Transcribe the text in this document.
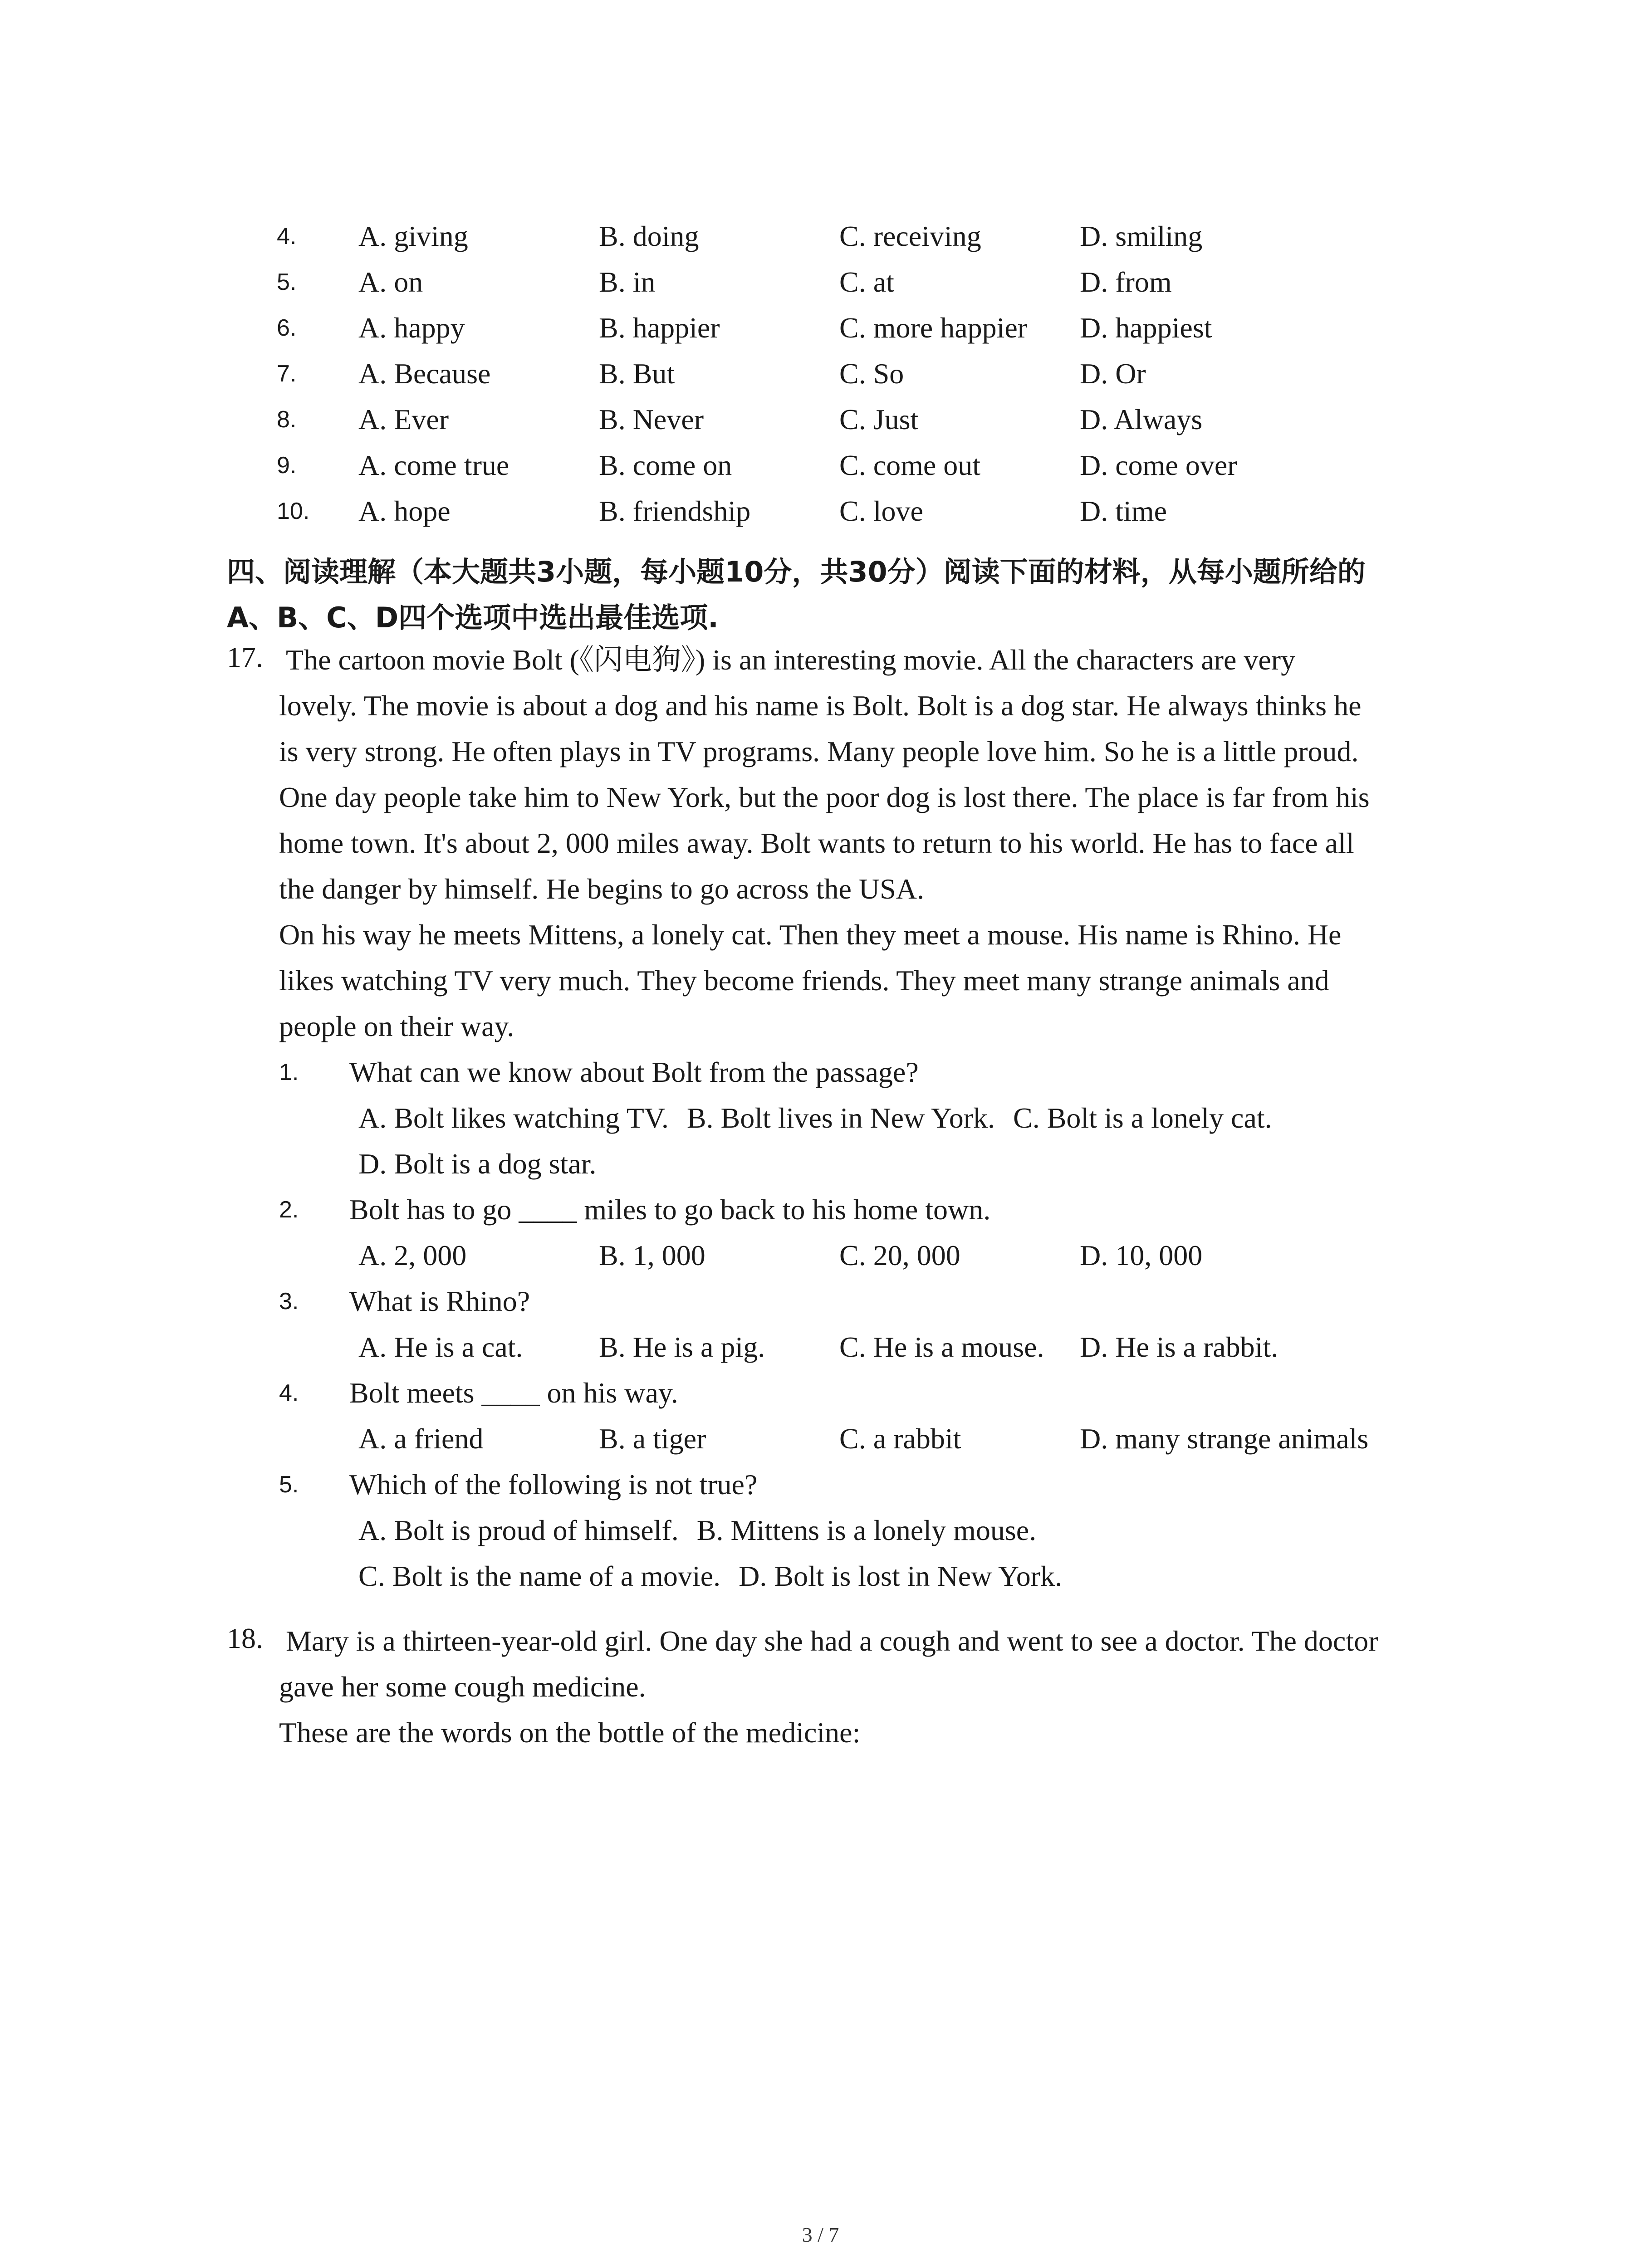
4.	A. giving	B. doing	C. receiving	D. smiling
5.	A. on	B. in	C. at	D. from
6.	A. happy	B. happier	C. more happier	D. happiest
7.	A. Because	B. But	C. So	D. Or
8.	A. Ever	B. Never	C. Just	D. Always
9.	A. come true	B. come on	C. come out	D. come over
10.	A. hope	B. friendship	C. love	D. time
四、阅读理解（本大题共3小题，每小题10分，共30分）阅读下面的材料，从每小题所给的
A、B、C、D四个选项中选出最佳选项.
17. The cartoon movie Bolt (《闪电狗》) is an interesting movie. All the characters are very
lovely. The movie is about a dog and his name is Bolt. Bolt is a dog star. He always thinks he
is very strong. He often plays in TV programs. Many people love him. So he is a little proud.
One day people take him to New York, but the poor dog is lost there. The place is far from his
home town. It's about 2, 000 miles away. Bolt wants to return to his world. He has to face all
the danger by himself. He begins to go across the USA.
On his way he meets Mittens, a lonely cat. Then they meet a mouse. His name is Rhino. He
likes watching TV very much. They become friends. They meet many strange animals and
people on their way.
1.	What can we know about Bolt from the passage?
A. Bolt likes watching TV. B. Bolt lives in New York. C. Bolt is a lonely cat.
D. Bolt is a dog star.
2.	Bolt has to go ____ miles to go back to his home town.
A. 2, 000	B. 1, 000	C. 20, 000	D. 10, 000
3.	What is Rhino?
A. He is a cat.	B. He is a pig.	C. He is a mouse.	D. He is a rabbit.
4.	Bolt meets ____ on his way.
A. a friend	B. a tiger	C. a rabbit	D. many strange animals
5.	Which of the following is not true?
A. Bolt is proud of himself. B. Mittens is a lonely mouse.
C. Bolt is the name of a movie. D. Bolt is lost in New York.
18. Mary is a thirteen-year-old girl. One day she had a cough and went to see a doctor. The doctor
gave her some cough medicine.
These are the words on the bottle of the medicine:
3 / 7
